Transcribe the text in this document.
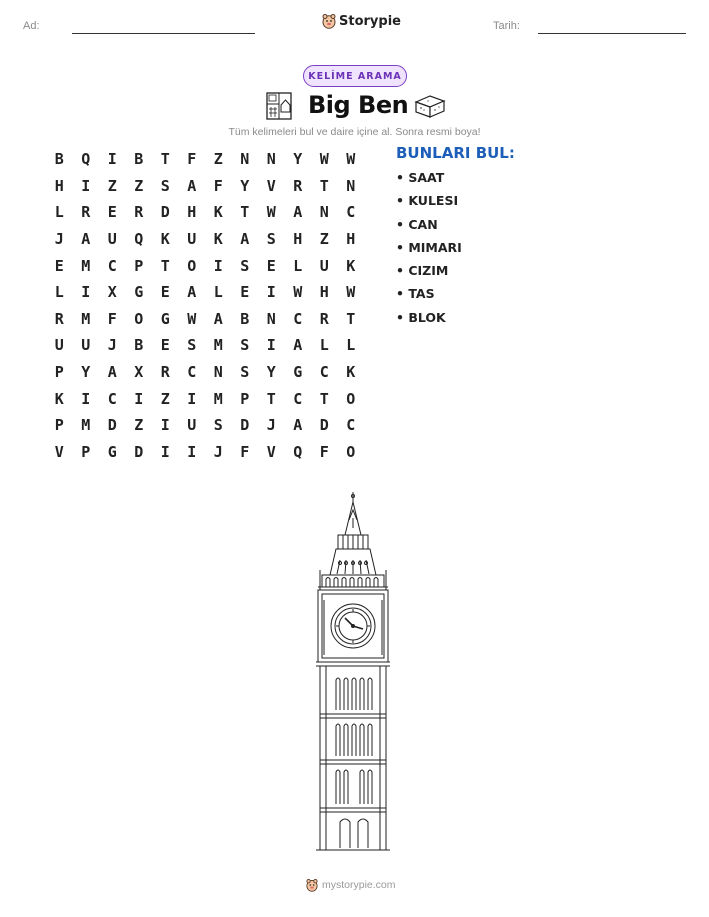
Ad:	Storypie	Tarih:
KELİME ARAMA
Big Ben
Tüm kelimeleri bul ve daire içine al. Sonra resmi boya!
B	Q	I	B	T	F	Z	N	N	Y	W	W
H	I	Z	Z	S	A	F	Y	V	R	T	N
L	R	E	R	D	H	K	T	W	A	N	C
J	A	U	Q	K	U	K	A	S	H	Z	H
E	M	C	P	T	O	I	S	E	L	U	K
L	I	X	G	E	A	L	E	I	W	H	W
R	M	F	O	G	W	A	B	N	C	R	T
U	U	J	B	E	S	M	S	I	A	L	L
P	Y	A	X	R	C	N	S	Y	G	C	K
K	I	C	I	Z	I	M	P	T	C	T	O
P	M	D	Z	I	U	S	D	J	A	D	C
V	P	G	D	I	I	J	F	V	Q	F	O
BUNLARI BUL:
• SAAT
• KULESI
• CAN
• MIMARI
• CIZIM
• TAS
• BLOK
mystorypie.com
